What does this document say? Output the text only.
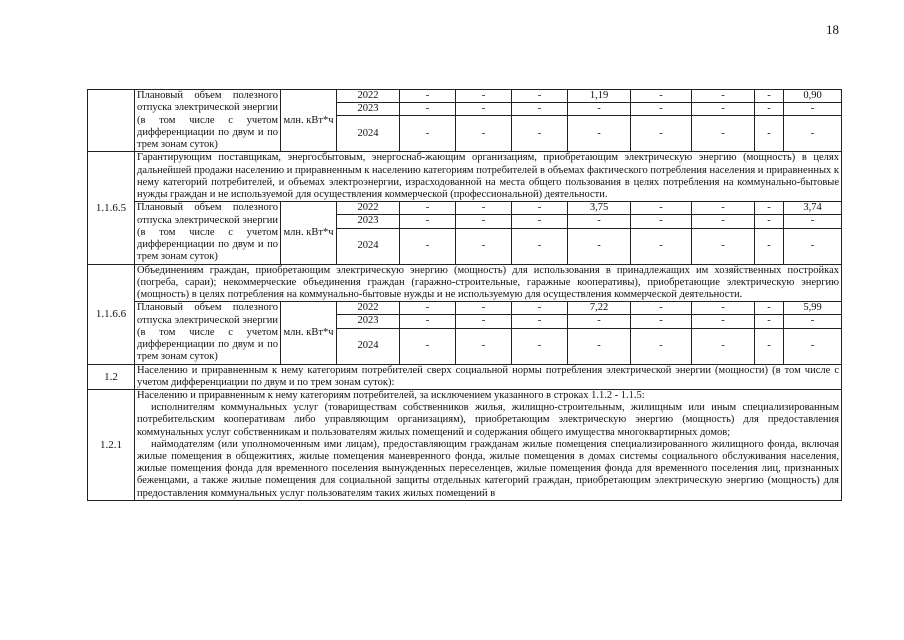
18
	Плановый объем полезного отпуска электрической энергии (в том числе с учетом дифференциации по двум и по трем зонам суток)	млн. кВт*ч	2022	-	-	-	1,19	-	-	-	0,90
			2023	-	-	-	-	-	-	-	-
			2024	-	-	-	-	-	-	-	-
1.1.6.5	Гарантирующим поставщикам, энергосбытовым, энергоснаб-жающим организациям, приобретающим электрическую энергию (мощность) в целях дальнейшей продажи населению и приравненным к населению категориям потребителей в объемах фактического потребления населения и приравненных к нему категорий потребителей, и объемах электроэнергии, израсходованной на места общего пользования в целях потребления на коммунально-бытовые нужды граждан и не используемой для осуществления коммерческой (профессиональной) деятельности.										
	Плановый объем полезного отпуска электрической энергии (в том числе с учетом дифференциации по двум и по трем зонам суток)	млн. кВт*ч	2022	-	-	-	3,75	-	-	-	3,74
			2023	-	-	-	-	-	-	-	-
			2024	-	-	-	-	-	-	-	-
1.1.6.6	Объединениям граждан, приобретающим электрическую энергию (мощность) для использования в принадлежащих им хозяйственных постройках (погреба, сараи); некоммерческие объединения граждан (гаражно-строительные, гаражные кооперативы), приобретающие электрическую энергию (мощность) в целях потребления на коммунально-бытовые нужды и не используемую для осуществления коммерческой деятельности.										
	Плановый объем полезного отпуска электрической энергии (в том числе с учетом дифференциации по двум и по трем зонам суток)	млн. кВт*ч	2022	-	-	-	7,22	-	-	-	5,99
			2023	-	-	-	-	-	-	-	-
			2024	-	-	-	-	-	-	-	-
1.2	Населению и приравненным к нему категориям потребителей сверх социальной нормы потребления электрической энергии (мощности) (в том числе с учетом дифференциации по двум и по трем зонам суток):										
1.2.1	Населению и приравненным к нему категориям потребителей, за исключением указанного в строках 1.1.2 - 1.1.5:

исполнителям коммунальных услуг (товариществам собственников жилья, жилищно-строительным, жилищным или иным специализированным потребительским кооперативам либо управляющим организациям), приобретающим электрическую энергию (мощность) для предоставления коммунальных услуг собственникам и пользователям жилых помещений и содержания общего имущества многоквартирных домов;

наймодателям (или уполномоченным ими лицам), предоставляющим гражданам жилые помещения специализированного жилищного фонда, включая жилые помещения в общежитиях, жилые помещения маневренного фонда, жилые помещения в домах системы социального обслуживания населения, жилые помещения фонда для временного поселения вынужденных переселенцев, жилые помещения фонда для временного поселения лиц, признанных беженцами, а также жилые помещения для социальной защиты отдельных категорий граждан, приобретающим электрическую энергию (мощность) для предоставления коммунальных услуг пользователям таких жилых помещений в										
